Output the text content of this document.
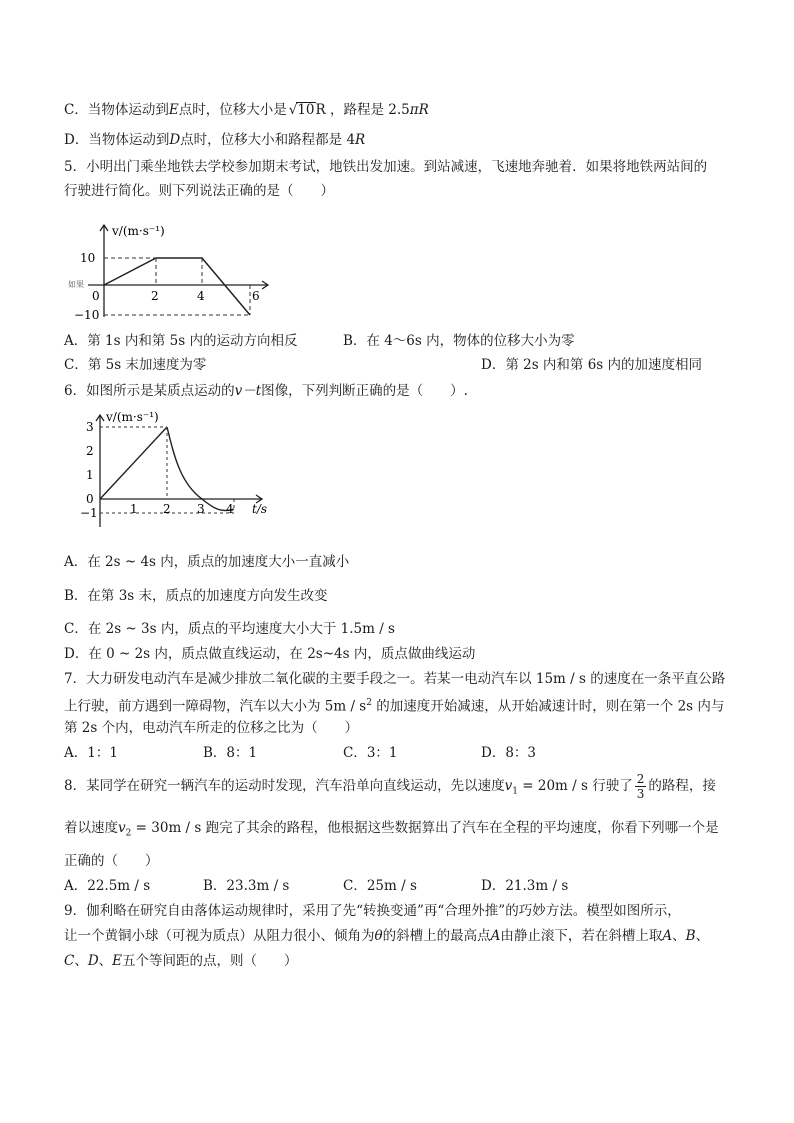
C．当物体运动到E点时，位移大小是 √10R ，路程是 2.5πR
D．当物体运动到D点时，位移大小和路程都是 4R
5．小明出门乘坐地铁去学校参加期末考试，地铁出发加速。到站减速，飞速地奔驰着．如果将地铁两站间的
行驶进行简化。则下列说法正确的是（　　）
v/(m·s⁻¹)
10
−10
0	2	4	6
如果
A．第 1s 内和第 5s 内的运动方向相反	B．在 4～6s 内，物体的位移大小为零
C．第 5s 末加速度为零	D．第 2s 内和第 6s 内的加速度相同
6．如图所示是某质点运动的v－t图像，下列判断正确的是（　　）.
v/(m·s⁻¹)
3
2
1
0
−1	1 2 3 4 t/s
A．在 2s ~ 4s 内，质点的加速度大小一直减小
B．在第 3s 末，质点的加速度方向发生改变
C．在 2s ~ 3s 内，质点的平均速度大小大于 1.5m / s
D．在 0 ~ 2s 内，质点做直线运动，在 2s~4s 内，质点做曲线运动
7．大力研发电动汽车是减少排放二氧化碳的主要手段之一。若某一电动汽车以 15m / s 的速度在一条平直公路
上行驶，前方遇到一障碍物，汽车以大小为 $5m / s^2$ 的加速度开始减速，从开始减速计时，则在第一个 2s 内与
第 2s 个内，电动汽车所走的位移之比为（　　）
A．1：1	B．8：1	C．3：1	D．8：3
8．某同学在研究一辆汽车的运动时发现，汽车沿单向直线运动，先以速度$v_1 = 20m / s$ 行驶了 $\frac{2}{3}$ 的路程，接
着以速度$v_2 = 30m / s$ 跑完了其余的路程，他根据这些数据算出了汽车在全程的平均速度，你看下列哪一个是
正确的（　　）
A．22.5m / s	B．23.3m / s	C．25m / s	D．21.3m / s
9．伽利略在研究自由落体运动规律时，采用了先“转换变通”再“合理外推”的巧妙方法。模型如图所示，
让一个黄铜小球（可视为质点）从阻力很小、倾角为θ的斜槽上的最高点A由静止滚下，若在斜槽上取A、B、
C、D、E五个等间距的点，则（　　）
